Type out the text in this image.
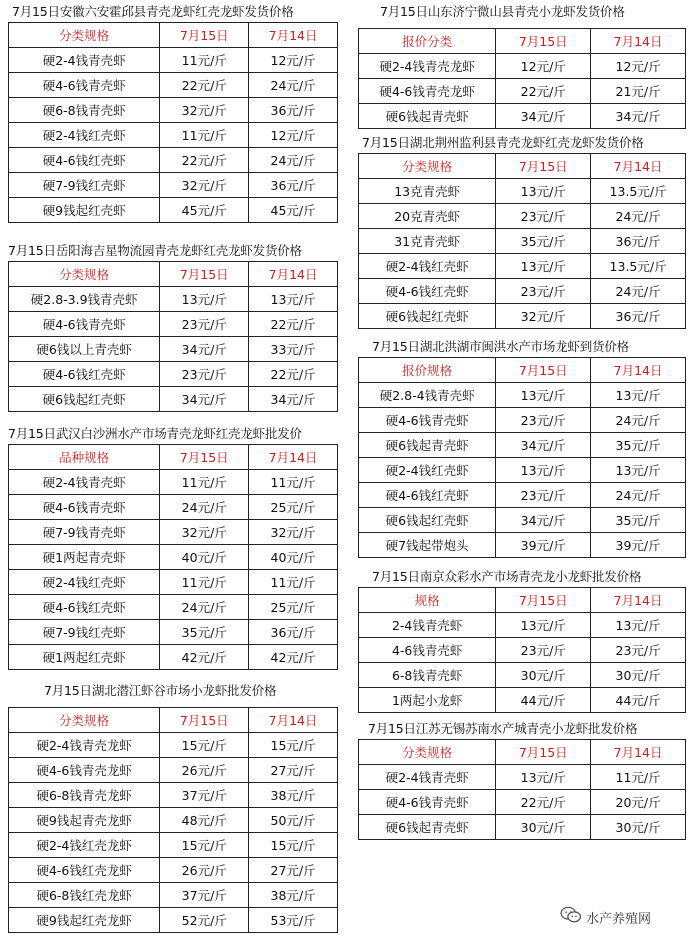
7月15日安徽六安霍邱县青壳龙虾红壳龙虾发货价格
分类规格	7月15日	7月14日
硬2-4钱青壳虾	11元/斤	12元/斤
硬4-6钱青壳虾	22元/斤	24元/斤
硬6-8钱青壳虾	32元/斤	36元/斤
硬2-4钱红壳虾	11元/斤	12元/斤
硬4-6钱红壳虾	22元/斤	24元/斤
硬7-9钱红壳虾	32元/斤	36元/斤
硬9钱起红壳虾	45元/斤	45元/斤
7月15日岳阳海吉星物流园青壳龙虾红壳龙虾发货价格
分类规格	7月15日	7月14日
硬2.8-3.9钱青壳虾	13元/斤	13元/斤
硬4-6钱青壳虾	23元/斤	22元/斤
硬6钱以上青壳虾	34元/斤	33元/斤
硬4-6钱红壳虾	23元/斤	22元/斤
硬6钱起红壳虾	34元/斤	34元/斤
7月15日武汉白沙洲水产市场青壳龙虾红壳龙虾批发价
品种规格	7月15日	7月14日
硬2-4钱青壳虾	11元/斤	11元/斤
硬4-6钱青壳虾	24元/斤	25元/斤
硬7-9钱青壳虾	32元/斤	32元/斤
硬1两起青壳虾	40元/斤	40元/斤
硬2-4钱红壳虾	11元/斤	11元/斤
硬4-6钱红壳虾	24元/斤	25元/斤
硬7-9钱红壳虾	35元/斤	36元/斤
硬1两起红壳虾	42元/斤	42元/斤
7月15日湖北潜江虾谷市场小龙虾批发价格
分类规格	7月15日	7月14日
硬2-4钱青壳龙虾	15元/斤	15元/斤
硬4-6钱青壳龙虾	26元/斤	27元/斤
硬6-8钱青壳龙虾	37元/斤	38元/斤
硬9钱起青壳龙虾	48元/斤	50元/斤
硬2-4钱红壳龙虾	15元/斤	15元/斤
硬4-6钱红壳龙虾	26元/斤	27元/斤
硬6-8钱红壳龙虾	37元/斤	38元/斤
硬9钱起红壳龙虾	52元/斤	53元/斤
7月15日山东济宁微山县青壳小龙虾发货价格
报价分类	7月15日	7月14日
硬2-4钱青壳龙虾	12元/斤	12元/斤
硬4-6钱青壳龙虾	22元/斤	21元/斤
硬6钱起青壳虾	34元/斤	34元/斤
7月15日湖北荆州监利县青壳龙虾红壳龙虾发货价格
分类规格	7月15日	7月14日
13克青壳虾	13元/斤	13.5元/斤
20克青壳虾	23元/斤	24元/斤
31克青壳虾	35元/斤	36元/斤
硬2-4钱红壳虾	13元/斤	13.5元/斤
硬4-6钱红壳虾	23元/斤	24元/斤
硬6钱起红壳虾	32元/斤	36元/斤
7月15日湖北洪湖市闽洪水产市场龙虾到货价格
报价规格	7月15日	7月14日
硬2.8-4钱青壳虾	13元/斤	13元/斤
硬4-6钱青壳虾	23元/斤	24元/斤
硬6钱起青壳虾	34元/斤	35元/斤
硬2-4钱红壳虾	13元/斤	13元/斤
硬4-6钱红壳虾	23元/斤	24元/斤
硬6钱起红壳虾	34元/斤	35元/斤
硬7钱起带炮头	39元/斤	39元/斤
7月15日南京众彩水产市场青壳龙小龙虾批发价格
规格	7月15日	7月14日
2-4钱青壳虾	13元/斤	13元/斤
4-6钱青壳虾	23元/斤	23元/斤
6-8钱青壳虾	30元/斤	30元/斤
1两起小龙虾	44元/斤	44元/斤
7月15日江苏无锡苏南水产城青壳小龙虾批发价格
分类规格	7月15日	7月14日
硬2-4钱青壳虾	13元/斤	11元/斤
硬4-6钱青壳虾	22元/斤	20元/斤
硬6钱起青壳虾	30元/斤	30元/斤
水产养殖网
